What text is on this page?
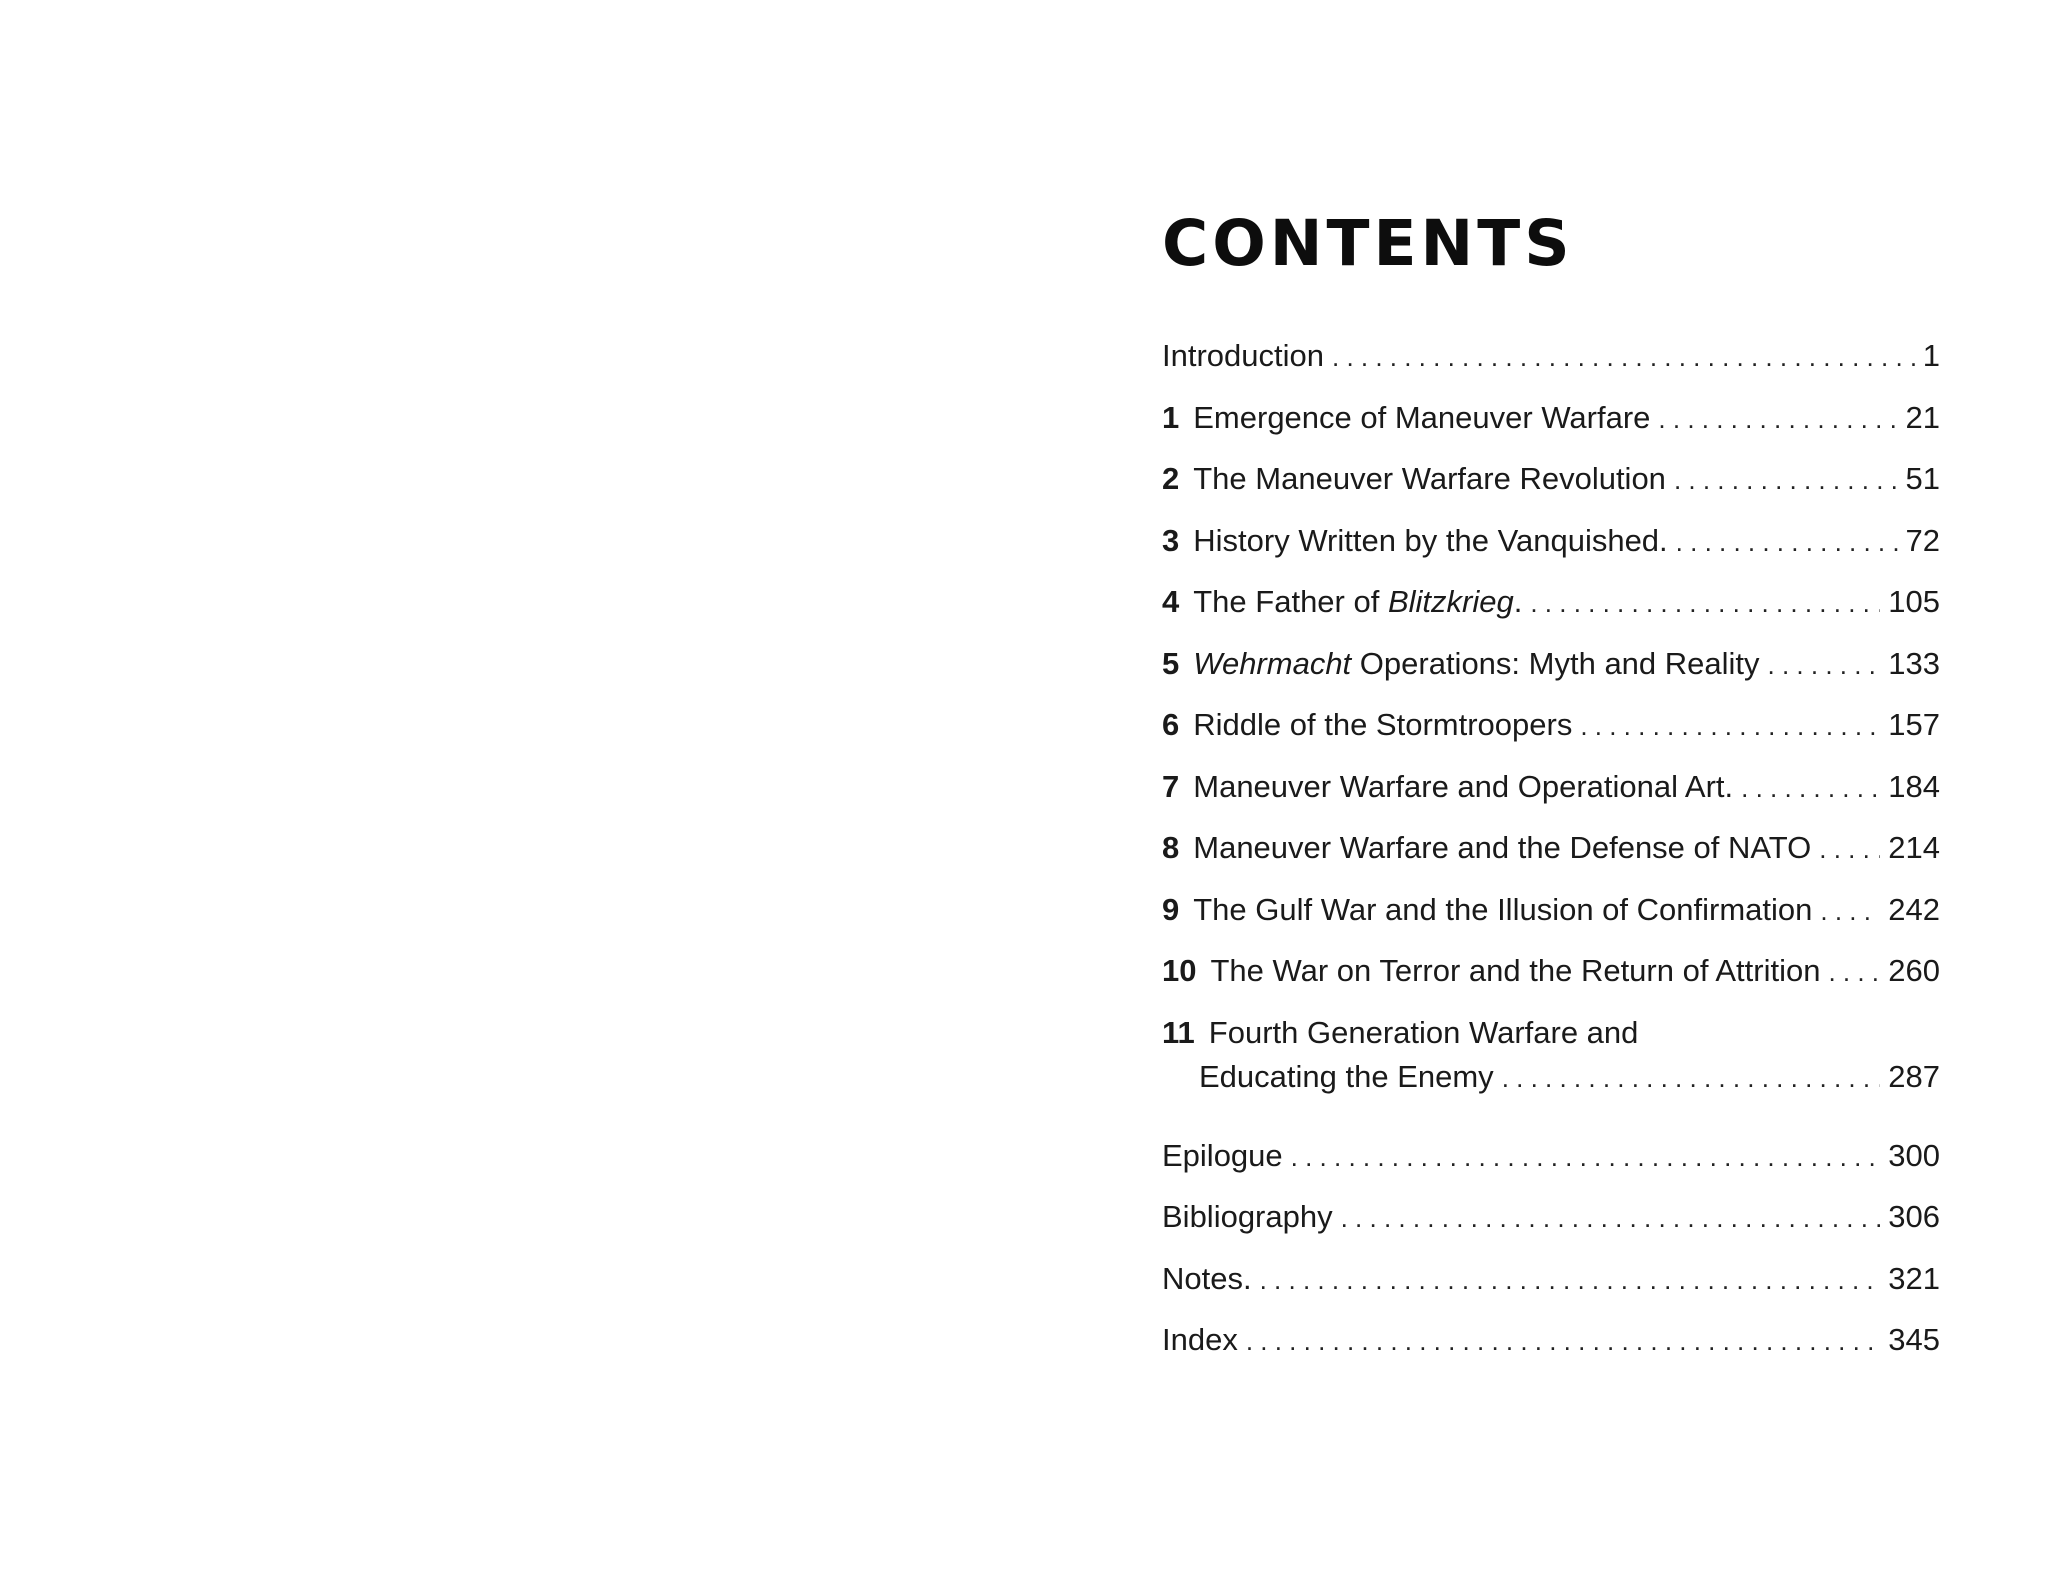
CONTENTS
Introduction . . .	1
1 Emergence of Maneuver Warfare . . .	21
2 The Maneuver Warfare Revolution . . .	51
3 History Written by the Vanquished. . . .	72
4 The Father of Blitzkrieg. . . .	105
5 Wehrmacht Operations: Myth and Reality . . .	133
6 Riddle of the Stormtroopers . . .	157
7 Maneuver Warfare and Operational Art. . . .	184
8 Maneuver Warfare and the Defense of NATO . . . 214
9 The Gulf War and the Illusion of Confirmation . . . 242
10 The War on Terror and the Return of Attrition . . . 260
11 Fourth Generation Warfare and
Educating the Enemy . . .	287
Epilogue . . .	300
Bibliography . . .	306
Notes. . . .	321
Index . . .	345
